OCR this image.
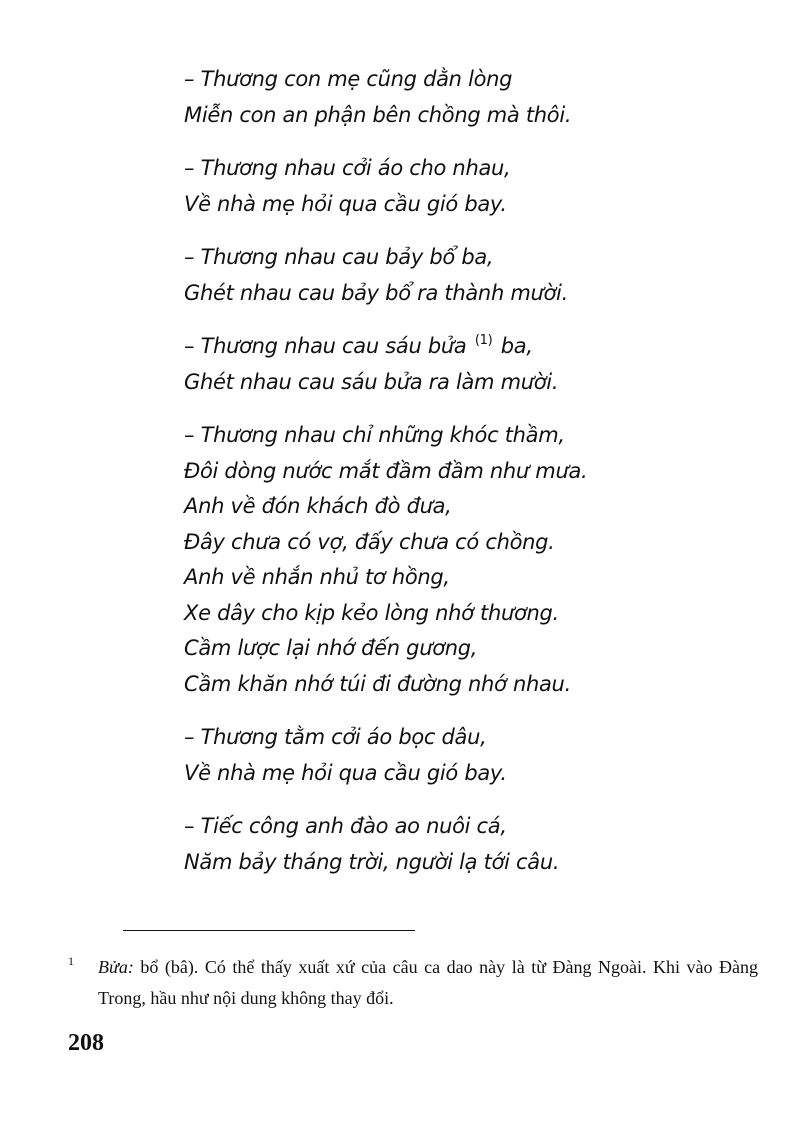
– Thương con mẹ cũng dằn lòng
Miễn con an phận bên chồng mà thôi.
– Thương nhau cởi áo cho nhau,
Về nhà mẹ hỏi qua cầu gió bay.
– Thương nhau cau bảy bổ ba,
Ghét nhau cau bảy bổ ra thành mười.
– Thương nhau cau sáu bửa $^{(1)}$ ba,
Ghét nhau cau sáu bửa ra làm mười.
– Thương nhau chỉ những khóc thầm,
Đôi dòng nước mắt đầm đầm như mưa.
Anh về đón khách đò đưa,
Đây chưa có vợ, đấy chưa có chồng.
Anh về nhắn nhủ tơ hồng,
Xe dây cho kịp kẻo lòng nhớ thương.
Cầm lược lại nhớ đến gương,
Cầm khăn nhớ túi đi đường nhớ nhau.
– Thương tằm cởi áo bọc dâu,
Về nhà mẹ hỏi qua cầu gió bay.
– Tiếc công anh đào ao nuôi cá,
Năm bảy tháng trời, người lạ tới câu.
1 Bửa: bổ (bâ). Có thể thấy xuất xứ của câu ca dao này là từ Đàng Ngoài. Khi vào Đàng Trong, hầu như nội dung không thay đổi.
208
